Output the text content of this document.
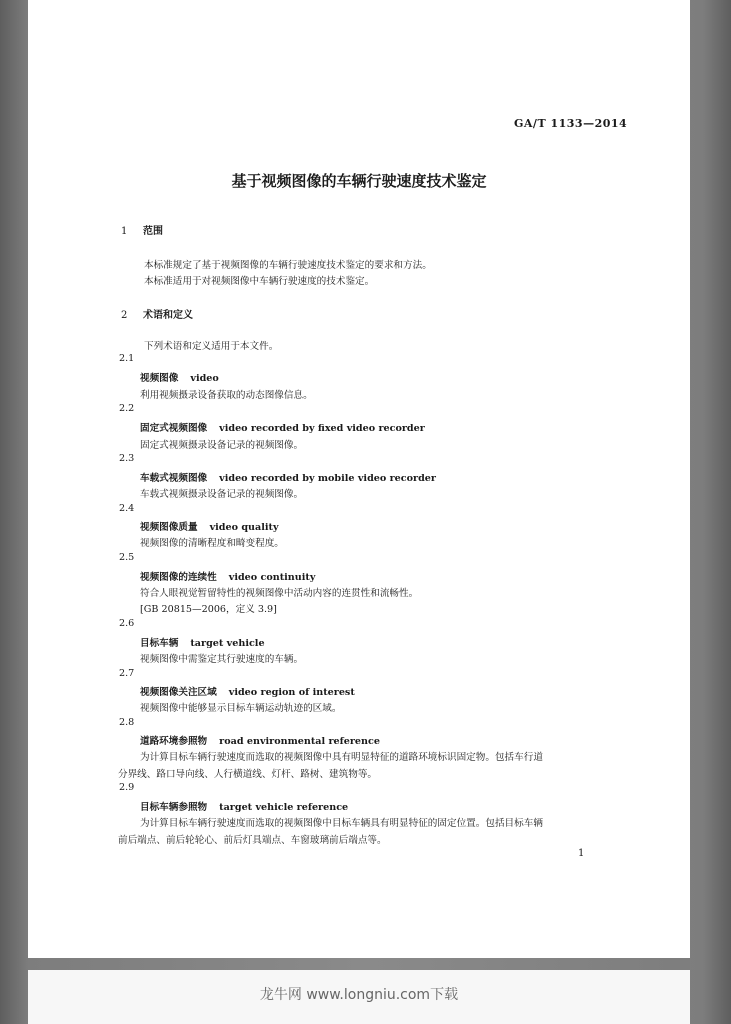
GA/T 1133—2014
基于视频图像的车辆行驶速度技术鉴定
1 范围
本标准规定了基于视频图像的车辆行驶速度技术鉴定的要求和方法。
本标准适用于对视频图像中车辆行驶速度的技术鉴定。
2 术语和定义
下列术语和定义适用于本文件。
2.1
视频图像 video
利用视频摄录设备获取的动态图像信息。
2.2
固定式视频图像 video recorded by fixed video recorder
固定式视频摄录设备记录的视频图像。
2.3
车载式视频图像 video recorded by mobile video recorder
车载式视频摄录设备记录的视频图像。
2.4
视频图像质量 video quality
视频图像的清晰程度和畸变程度。
2.5
视频图像的连续性 video continuity
符合人眼视觉暂留特性的视频图像中活动内容的连贯性和流畅性。
[GB 20815—2006，定义 3.9]
2.6
目标车辆 target vehicle
视频图像中需鉴定其行驶速度的车辆。
2.7
视频图像关注区域 video region of interest
视频图像中能够显示目标车辆运动轨迹的区域。
2.8
道路环境参照物 road environmental reference
为计算目标车辆行驶速度而选取的视频图像中具有明显特征的道路环境标识固定物。包括车行道
分界线、路口导向线、人行横道线、灯杆、路树、建筑物等。
2.9
目标车辆参照物 target vehicle reference
为计算目标车辆行驶速度而选取的视频图像中目标车辆具有明显特征的固定位置。包括目标车辆
前后端点、前后轮轮心、前后灯具端点、车窗玻璃前后端点等。
1
龙牛网 www.longniu.com下载
